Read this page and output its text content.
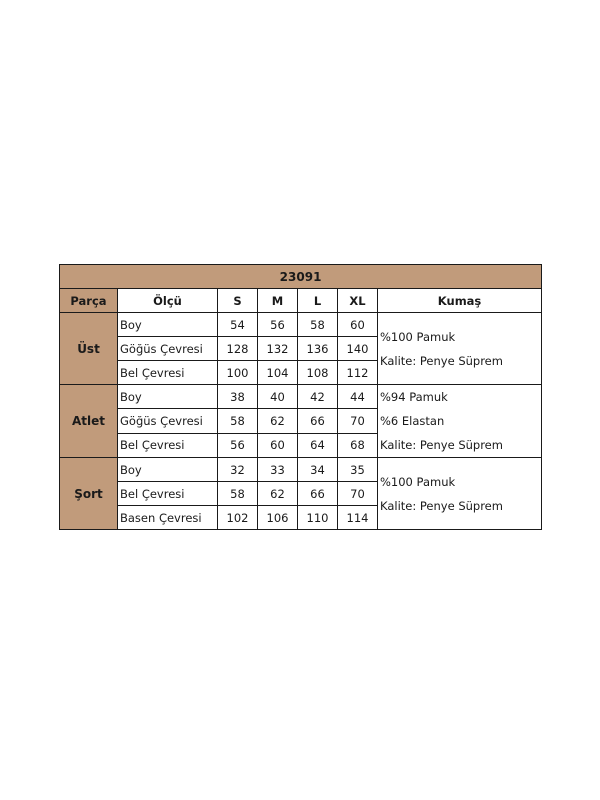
23091						
Parça	Ölçü	S	M	L	XL	Kumaş
Üst	Boy	54	56	58	60	%100 Pamuk
Kalite: Penye Süprem

	Göğüs Çevresi	128	132	136	140	
	Bel Çevresi	100	104	108	112	
Atlet	Boy	38	40	42	44	%94 Pamuk
%6 Elastan
Kalite: Penye Süprem

	Göğüs Çevresi	58	62	66	70	
	Bel Çevresi	56	60	64	68	
Şort	Boy	32	33	34	35	%100 Pamuk
Kalite: Penye Süprem

	Bel Çevresi	58	62	66	70	
	Basen Çevresi	102	106	110	114	
